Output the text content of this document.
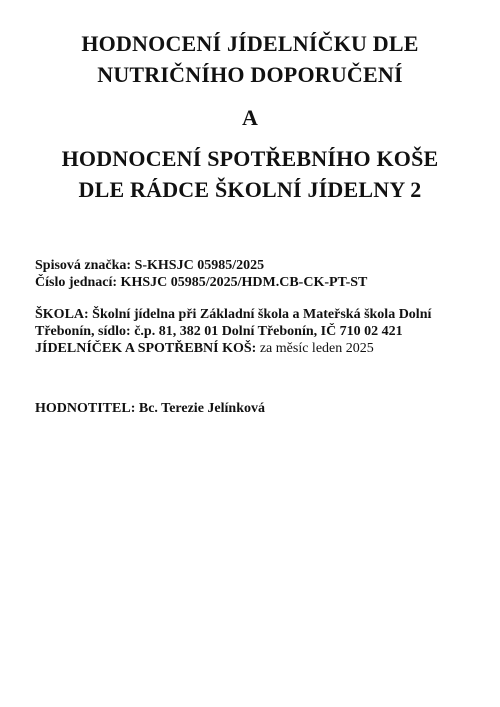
HODNOCENÍ JÍDELNÍČKU DLE
NUTRIČNÍHO DOPORUČENÍ
A
HODNOCENÍ SPOTŘEBNÍHO KOŠE
DLE RÁDCE ŠKOLNÍ JÍDELNY 2
Spisová značka: S-KHSJC 05985/2025
Číslo jednací: KHSJC 05985/2025/HDM.CB-CK-PT-ST
ŠKOLA: Školní jídelna při Základní škola a Mateřská škola Dolní
Třebonín, sídlo: č.p. 81, 382 01 Dolní Třebonín, IČ 710 02 421
JÍDELNÍČEK A SPOTŘEBNÍ KOŠ: za měsíc leden 2025
HODNOTITEL: Bc. Terezie Jelínková
